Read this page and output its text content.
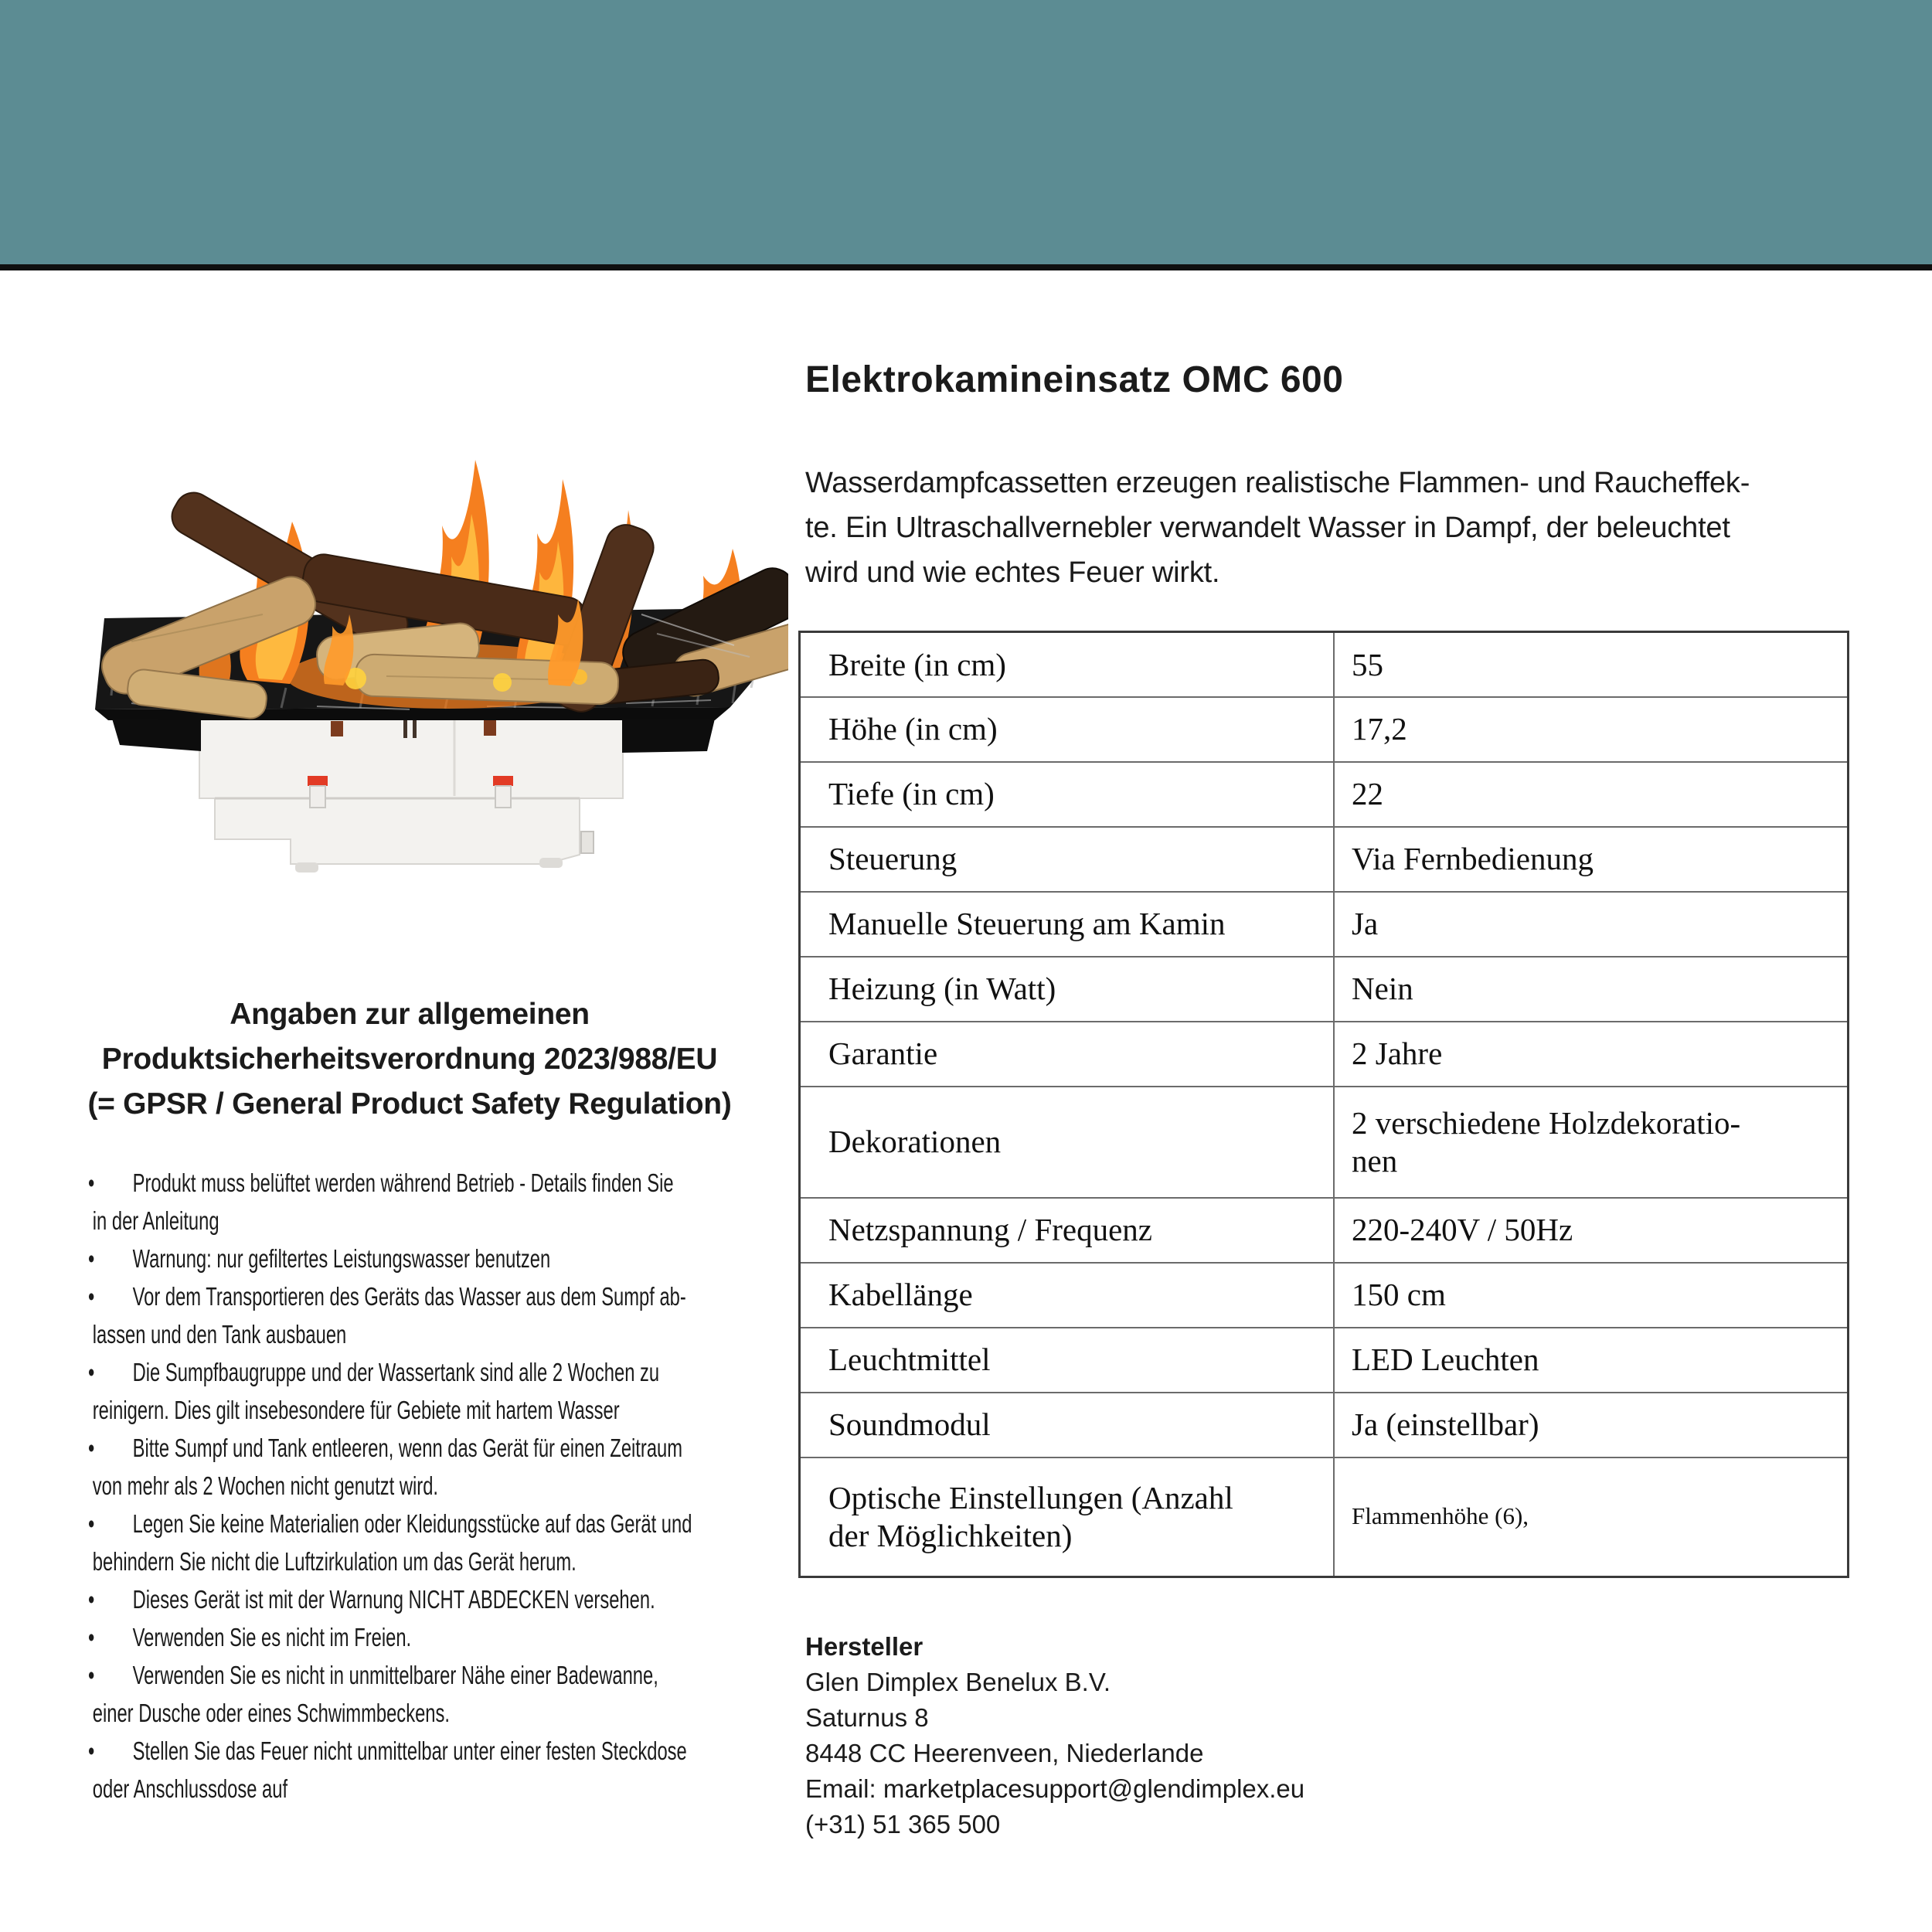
Angaben zur allgemeinen
Produktsicherheitsverordnung 2023/988/EU
(= GPSR / General Product Safety Regulation)
• Produkt muss belüftet werden während Betrieb - Details finden Sie
in der Anleitung
• Warnung: nur gefiltertes Leistungswasser benutzen
• Vor dem Transportieren des Geräts das Wasser aus dem Sumpf ab-
lassen und den Tank ausbauen
• Die Sumpfbaugruppe und der Wassertank sind alle 2 Wochen zu
reinigern. Dies gilt insebesondere für Gebiete mit hartem Wasser
• Bitte Sumpf und Tank entleeren, wenn das Gerät für einen Zeitraum
von mehr als 2 Wochen nicht genutzt wird.
• Legen Sie keine Materialien oder Kleidungsstücke auf das Gerät und
behindern Sie nicht die Luftzirkulation um das Gerät herum.
• Dieses Gerät ist mit der Warnung NICHT ABDECKEN versehen.
• Verwenden Sie es nicht im Freien.
• Verwenden Sie es nicht in unmittelbarer Nähe einer Badewanne,
einer Dusche oder eines Schwimmbeckens.
• Stellen Sie das Feuer nicht unmittelbar unter einer festen Steckdose
oder Anschlussdose auf
Elektrokamineinsatz OMC 600
Wasserdampfcassetten erzeugen realistische Flammen- und Raucheffek-
te. Ein Ultraschallvernebler verwandelt Wasser in Dampf, der beleuchtet
wird und wie echtes Feuer wirkt.
Breite (in cm)	55

Höhe (in cm)	17,2

Tiefe (in cm)	22

Steuerung	Via Fernbedienung

Manuelle Steuerung am Kamin	Ja

Heizung (in Watt)	Nein

Garantie	2 Jahre

Dekorationen	2 verschiedene Holzdekoratio-
nen

Netzspannung / Frequenz	220-240V / 50Hz

Kabellänge	150 cm

Leuchtmittel	LED Leuchten

Soundmodul	Ja (einstellbar)

Optische Einstellungen (Anzahl
der Möglichkeiten)	Flammenhöhe (6),
Hersteller
Glen Dimplex Benelux B.V.
Saturnus 8
8448 CC Heerenveen, Niederlande
Email: marketplacesupport@glendimplex.eu
(+31) 51 365 500
